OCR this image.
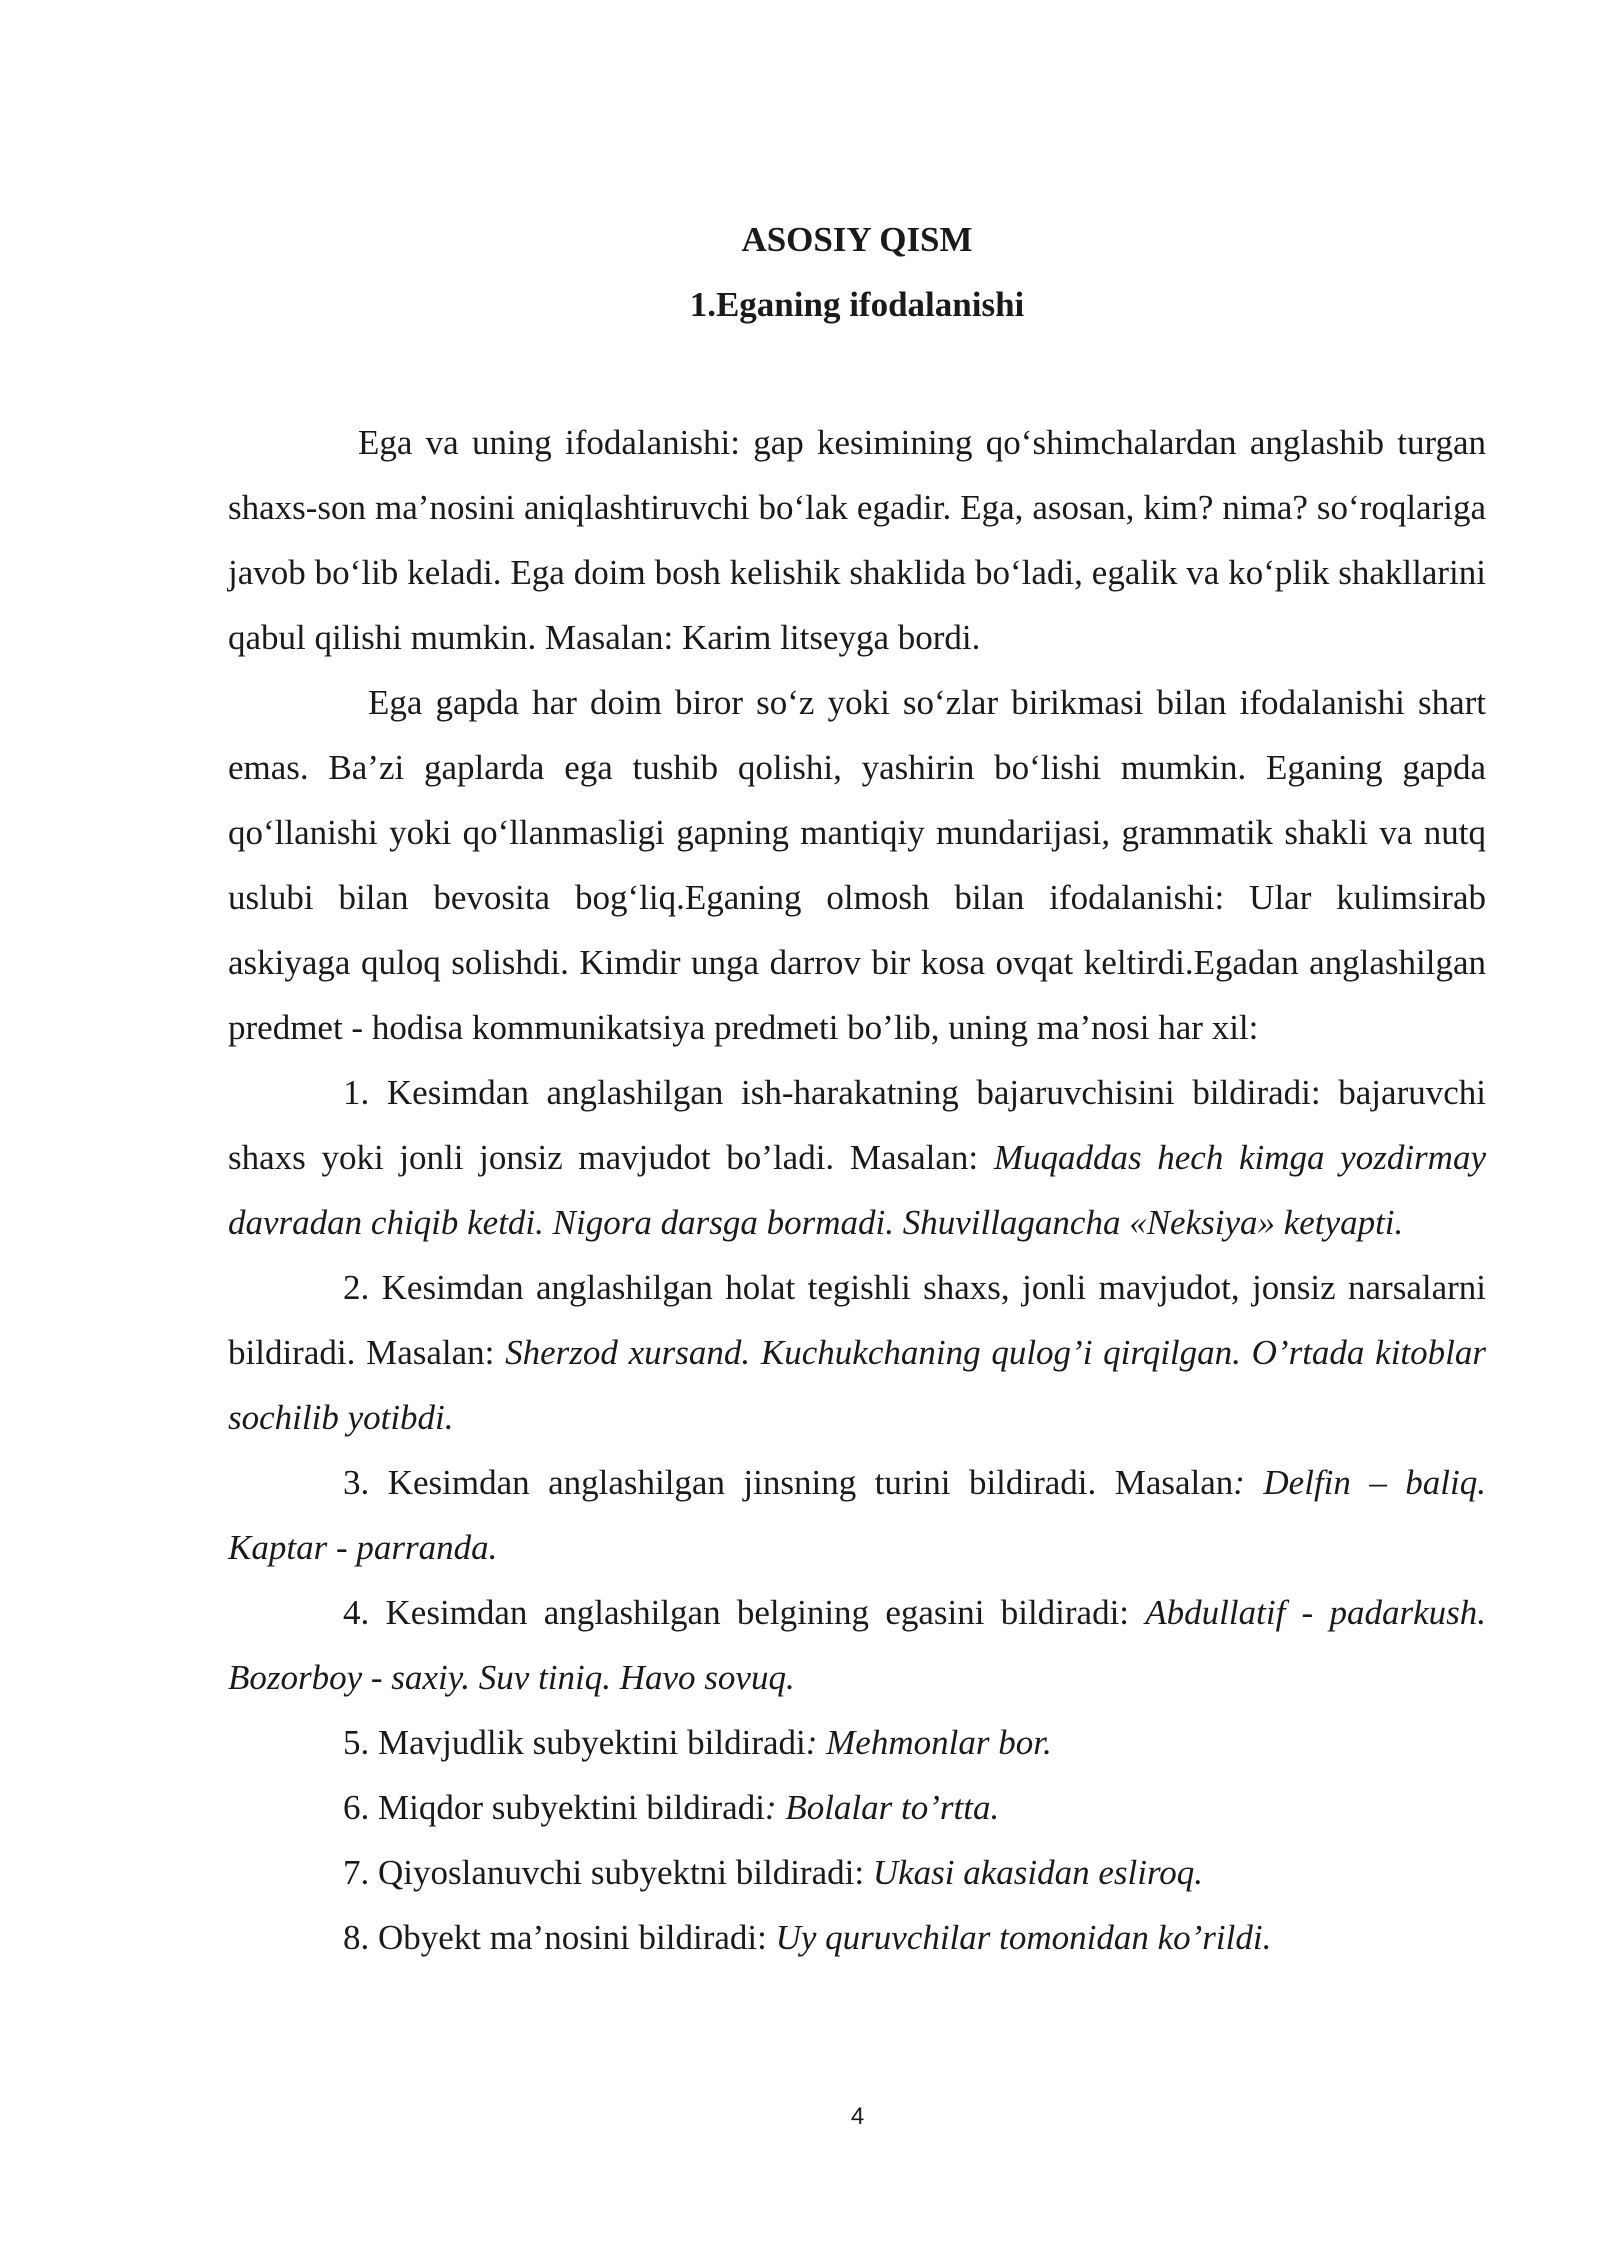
ASOSIY QISM
1.Eganing ifodalanishi

Ega va uning ifodalanishi: gap kesimining qo‘shimchalardan anglashib turgan shaxs-son ma’nosini aniqlashtiruvchi bo‘lak egadir. Ega, asosan, kim? nima? so‘roqlariga javob bo‘lib keladi. Ega doim bosh kelishik shaklida bo‘ladi, egalik va ko‘plik shakllarini qabul qilishi mumkin. Masalan: Karim litseyga bordi.

Ega gapda har doim biror so‘z yoki so‘zlar birikmasi bilan ifodalanishi shart emas. Ba’zi gaplarda ega tushib qolishi, yashirin bo‘lishi mumkin. Eganing gapda qo‘llanishi yoki qo‘llanmasligi gapning mantiqiy mundarijasi, grammatik shakli va nutq uslubi bilan bevosita bog‘liq.Eganing olmosh bilan ifodalanishi: Ular kulimsirab askiyaga quloq solishdi. Kimdir unga darrov bir kosa ovqat keltirdi.Egadan anglashilgan predmet - hodisa kommunikatsiya predmeti bo’lib, uning ma’nosi har xil:

1. Kesimdan anglashilgan ish-harakatning bajaruvchisini bildiradi: bajaruvchi shaxs yoki jonli jonsiz mavjudot bo’ladi. Masalan: Muqaddas hech kimga yozdirmay davradan chiqib ketdi. Nigora darsga bormadi. Shuvillagancha «Neksiya» ketyapti.

2. Kesimdan anglashilgan holat tegishli shaxs, jonli mavjudot, jonsiz narsalarni bildiradi. Masalan: Sherzod xursand. Kuchukchaning qulog’i qirqilgan. O’rtada kitoblar sochilib yotibdi.

3. Kesimdan anglashilgan jinsning turini bildiradi. Masalan: Delfin – baliq. Kaptar - parranda.

4. Kesimdan anglashilgan belgining egasini bildiradi: Abdullatif - padarkush. Bozorboy - saxiy. Suv tiniq. Havo sovuq.

5. Mavjudlik subyektini bildiradi: Mehmonlar bor.

6. Miqdor subyektini bildiradi: Bolalar to’rtta.

7. Qiyoslanuvchi subyektni bildiradi: Ukasi akasidan esliroq.

8. Obyekt ma’nosini bildiradi: Uy quruvchilar tomonidan ko’rildi.

4
